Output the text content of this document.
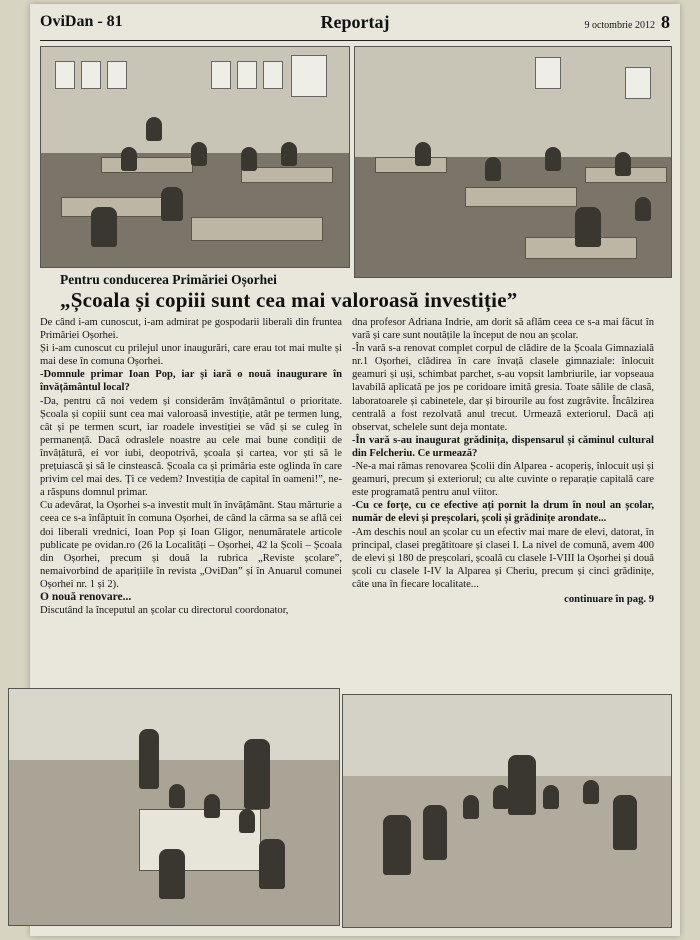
OviDan - 81	Reportaj	9 octombrie 2012 8
Pentru conducerea Primăriei Oșorhei
„Școala și copiii sunt cea mai valoroasă investiție”

De când i-am cunoscut, i-am admirat pe gospodarii liberali din fruntea Primăriei Oșorhei.

Și i-am cunoscut cu prilejul unor inaugurări, care erau tot mai multe și mai dese în comuna Oșorhei.

-Domnule primar Ioan Pop, iar și iară o nouă inaugurare în învățământul local?

-Da, pentru că noi vedem și considerăm învățământul o prioritate. Școala și copiii sunt cea mai valoroasă investiție, atât pe termen lung, cât și pe termen scurt, iar roadele investiției se văd și se culeg în permanență. Dacă odraslele noastre au cele mai bune condiții de învățătură, ei vor iubi, deopotrivă, școala și cartea, vor ști să le prețuiască și să le cinstească. Școala ca și primăria este oglinda în care privim cel mai des. Ți ce vedem? Investiția de capital în oameni!”, ne-a răspuns domnul primar.

Cu adevărat, la Oșorhei s-a investit mult în învățământ. Stau mărturie a ceea ce s-a înfăptuit în comuna Oșorhei, de când la cârma sa se află cei doi liberali vrednici, Ioan Pop și Ioan Gligor, nenumăratele articole publicate pe ovidan.ro (26 la Localități – Oșorhei, 42 la Școli – Școala din Oșorhei, precum și două la rubrica „Reviste școlare”, nemaivorbind de aparițiile în revista „OviDan” și în Anuarul comunei Oșorhei nr. 1 și 2).

O nouă renovare...

Discutând la începutul an școlar cu directorul coordonator,

dna profesor Adriana Indrie, am dorit să aflăm ceea ce s-a mai făcut în vară și care sunt noutățile la început de nou an școlar.

-În vară s-a renovat complet corpul de clădire de la Școala Gimnazială nr.1 Oșorhei, clădirea în care învață clasele gimnaziale: înlocuit geamuri și uși, schimbat parchet, s-au vopsit lambriurile, iar vopseaua lavabilă aplicată pe jos pe coridoare imită gresia. Toate sălile de clasă, laboratoarele și cabinetele, dar și birourile au fost zugrăvite. Încălzirea centrală a fost rezolvată anul trecut. Urmează exteriorul. Dacă ați observat, schelele sunt deja montate.

-În vară s-au inaugurat grădinița, dispensarul și căminul cultural din Felcheriu. Ce urmează?

-Ne-a mai rămas renovarea Școlii din Alparea - acoperiș, înlocuit uși și geamuri, precum și exteriorul; cu alte cuvinte o reparație capitală care este programată pentru anul viitor.

-Cu ce forțe, cu ce efective ați pornit la drum în noul an școlar, număr de elevi și preșcolari, școli și grădinițe arondate...

-Am deschis noul an școlar cu un efectiv mai mare de elevi, datorat, în principal, clasei pregătitoare și clasei I. La nivel de comună, avem 400 de elevi și 180 de preșcolari, școală cu clasele I-VIII la Oșorhei și două școli cu clasele I-IV la Alparea și Cheriu, precum și cinci grădinițe, câte una în fiecare localitate...

continuare în pag. 9
